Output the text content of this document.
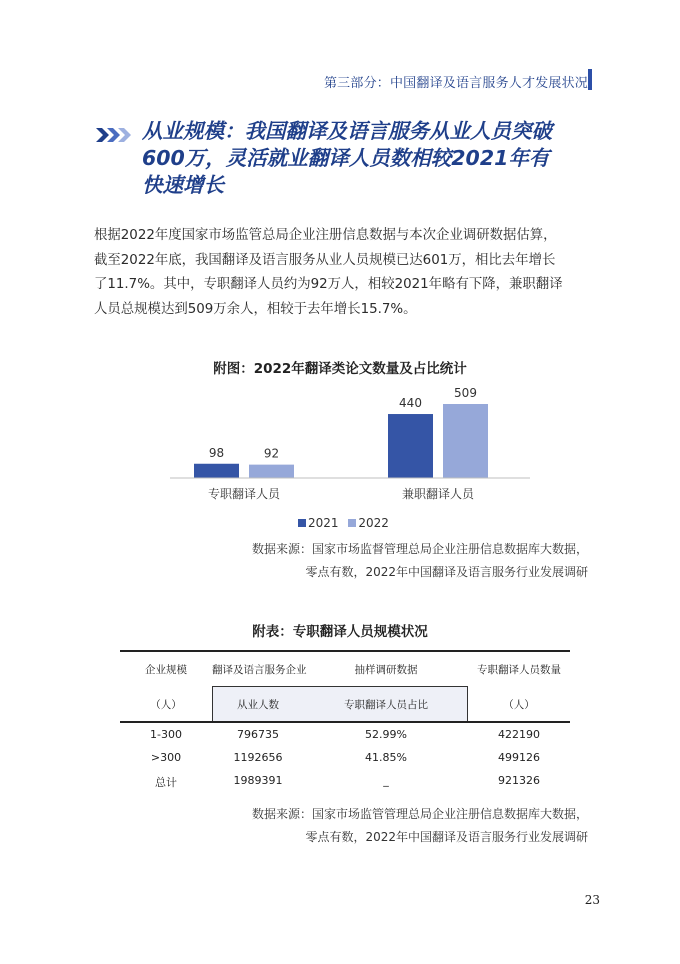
第三部分：中国翻译及语言服务人才发展状况
从业规模：我国翻译及语言服务从业人员突破
600万，灵活就业翻译人员数相较2021年有
快速增长
根据2022年度国家市场监管总局企业注册信息数据与本次企业调研数据估算，
截至2022年底，我国翻译及语言服务从业人员规模已达601万，相比去年增长
了11.7%。其中，专职翻译人员约为92万人，相较2021年略有下降，兼职翻译
人员总规模达到509万余人，相较于去年增长15.7%。
附图：2022年翻译类论文数量及占比统计
98	92
专职翻译人员
440
509
兼职翻译人员
2021 2022
数据来源：国家市场监督管理总局企业注册信息数据库大数据，
零点有数，2022年中国翻译及语言服务行业发展调研
附表：专职翻译人员规模状况
企业规模	翻译及语言服务企业	抽样调研数据	专职翻译人员数量
（人）	从业人数	专职翻译人员占比	（人）
1-300	796735	52.99%	422190
>300	1192656	41.85%	499126
总计	1989391	_	921326
数据来源：国家市场监管管理总局企业注册信息数据库大数据，
零点有数，2022年中国翻译及语言服务行业发展调研
23
